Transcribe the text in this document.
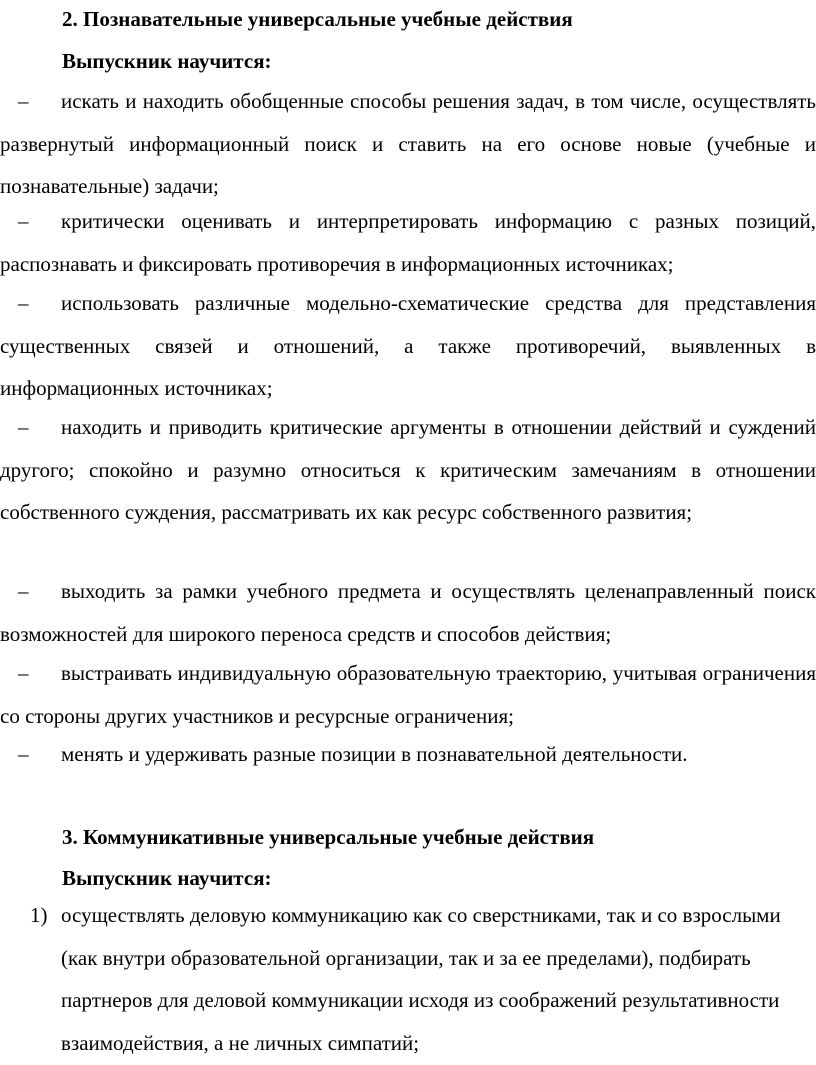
2. Познавательные универсальные учебные действия
Выпускник научится:
–	искать и находить обобщенные способы решения задач, в том числе, осуществлять развернутый информационный поиск и ставить на его основе новые (учебные и познавательные) задачи;

–	критически оценивать и интерпретировать информацию с разных позиций, распознавать и фиксировать противоречия в информационных источниках;

–	использовать различные модельно-схематические средства для представления существенных связей и отношений, а также противоречий, выявленных в информационных источниках;

–	находить и приводить критические аргументы в отношении действий и суждений другого; спокойно и разумно относиться к критическим замечаниям в отношении собственного суждения, рассматривать их как ресурс собственного развития;

–	выходить за рамки учебного предмета и осуществлять целенаправленный поиск возможностей для широкого переноса средств и способов действия;

–	выстраивать индивидуальную образовательную траекторию, учитывая ограничения со стороны других участников и ресурсные ограничения;

–	менять и удерживать разные позиции в познавательной деятельности.

3. Коммуникативные универсальные учебные действия
Выпускник научится:
1) осуществлять деловую коммуникацию как со сверстниками, так и со взрослыми (как внутри образовательной организации, так и за ее пределами), подбирать партнеров для деловой коммуникации исходя из соображений результативности взаимодействия, а не личных симпатий;
